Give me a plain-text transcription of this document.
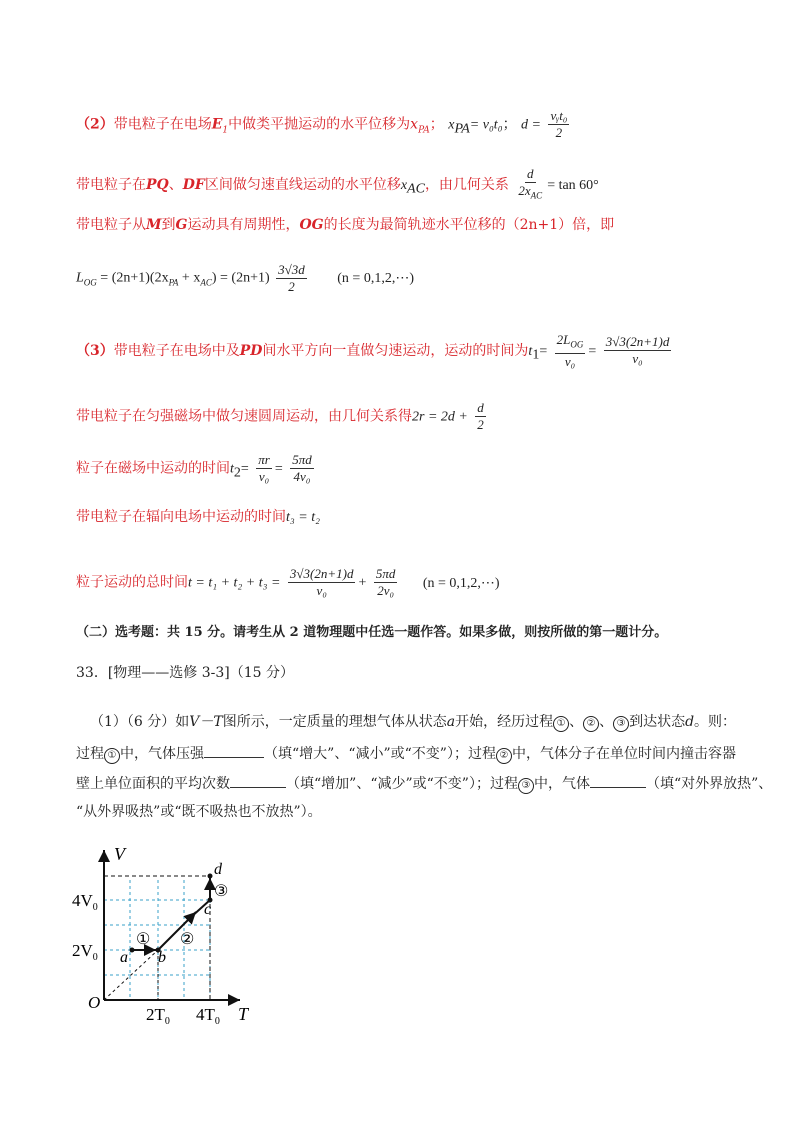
（2）带电粒子在电场$E_1$中做类平抛运动的水平位移为$x_{PA}$； $x_{PA}= v_0t_0$； $d = \frac{\text{vᵧt₀}}{2}$
带电粒子在PQ、DF区间做匀速直线运动的水平位移$x_{AC}$，由几何关系 $\frac{d}{2x_{AC}} = \tan 60^\circ$
带电粒子从M到G运动具有周期性，OG的长度为最简轨迹水平位移的（2n+1）倍，即
$L_{OG} = (2n+1)(2x_{PA} + x_{AC}) = (2n+1) \frac{3√3d}{2} (n$ = 0,1,2,⋯)
（3）带电粒子在电场中及PD间水平方向一直做匀速运动，运动的时间为$t_1= \frac{2L_{OG}}{\text{v₀}} = \frac{3√3(2n+1)d}{\text{v₀}}$
带电粒子在匀强磁场中做匀速圆周运动，由几何关系得$2r = 2d + \frac{d}{2}$
粒子在磁场中运动的时间$t_2= \frac{\pi r}{\text{v₀}} = \frac{5\pi d}{\text{4v₀}}$
带电粒子在辐向电场中运动的时间t₃ = t₂
粒子运动的总时间$t = t_1 + t_2 + t_3 = \frac{3√3(2n+1)d}{\text{v₀}} + \frac{5\pi d}{\text{2v₀}} (n$ = 0,1,2,⋯)
（二）选考题：共 15 分。请考生从 2 道物理题中任选一题作答。如果多做，则按所做的第一题计分。
33．[物理——选修 3-3]（15 分）
（1）（6 分）如V－T图所示，一定质量的理想气体从状态a开始，经历过程 ① 、 ② 、 ③ 到达状态d。则：
过程 ① 中，气体压强	（填“增大”、“减小”或“不变”）；过程 ② 中，气体分子在单位时间内撞击容器
壁上单位面积的平均次数	（填“增加”、“减少”或“不变”）；过程 ③ 中，气体	（填“对外界放热”、
“从外界吸热”或“既不吸热也不放热”）。
V
T
O
$4V_0$
$2V_0$
$2T_0$ $4T_0$
a b
c
d
① ②
③
